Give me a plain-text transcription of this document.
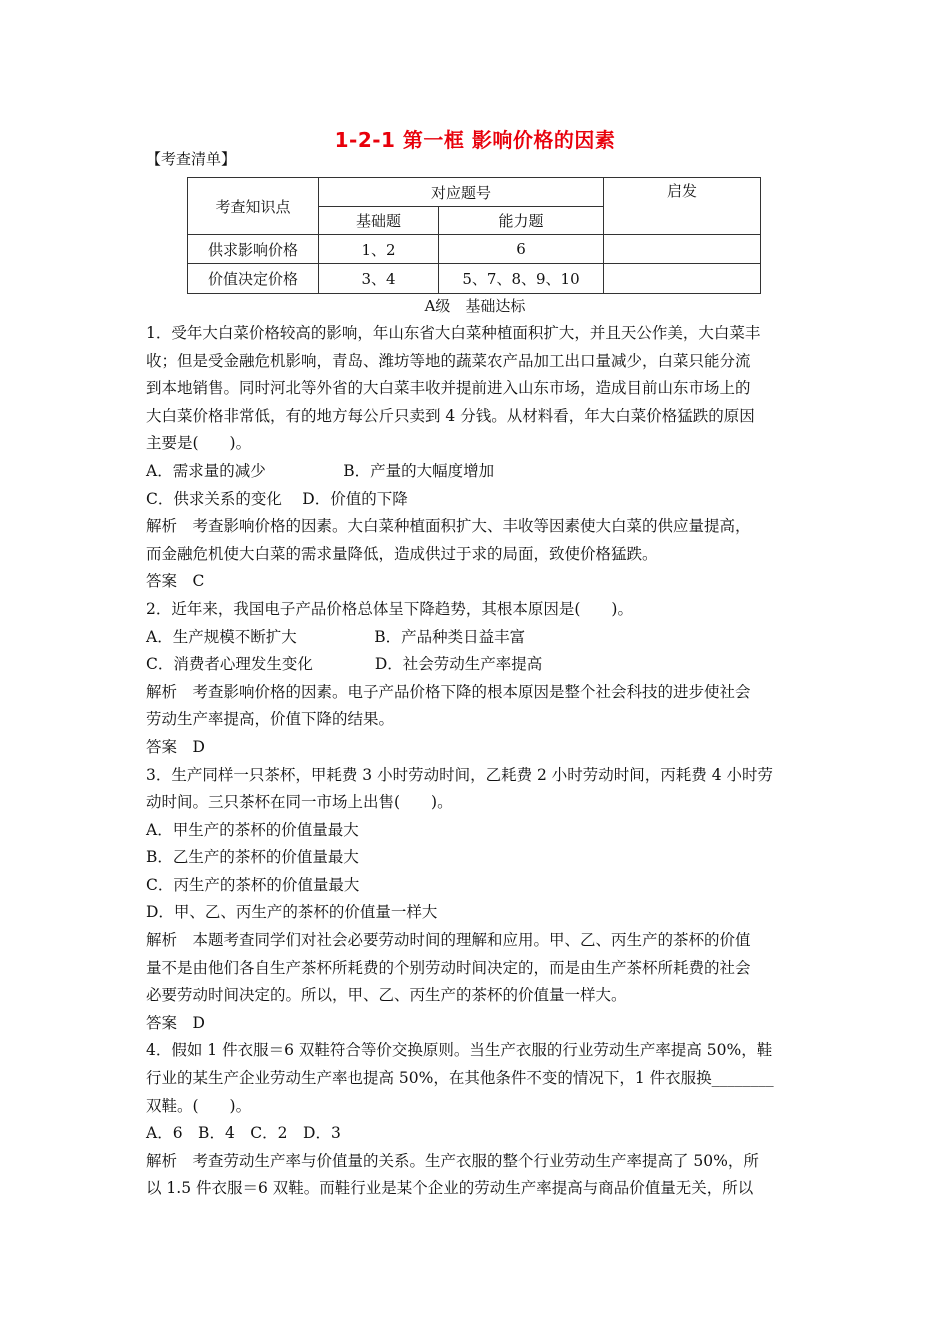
1-2-1 第一框 影响价格的因素
【考查清单】
考查知识点	对应题号		启发
	基础题	能力题	
供求影响价格	1、2	6	
价值决定价格	3、4	5、7、8、9、10	
A级　基础达标
1．受年大白菜价格较高的影响，年山东省大白菜种植面积扩大，并且天公作美，大白菜丰
收；但是受金融危机影响，青岛、潍坊等地的蔬菜农产品加工出口量减少，白菜只能分流
到本地销售。同时河北等外省的大白菜丰收并提前进入山东市场，造成目前山东市场上的
大白菜价格非常低，有的地方每公斤只卖到 4 分钱。从材料看，年大白菜价格猛跌的原因
主要是(　　)。
A．需求量的减少　　　　　B．产量的大幅度增加
C．供求关系的变化　 D．价值的下降
解析　考查影响价格的因素。大白菜种植面积扩大、丰收等因素使大白菜的供应量提高，
而金融危机使大白菜的需求量降低，造成供过于求的局面，致使价格猛跌。
答案　C
2．近年来，我国电子产品价格总体呈下降趋势，其根本原因是(　　)。
A．生产规模不断扩大　　　　　B．产品种类日益丰富
C．消费者心理发生变化　　　　D．社会劳动生产率提高
解析　考查影响价格的因素。电子产品价格下降的根本原因是整个社会科技的进步使社会
劳动生产率提高，价值下降的结果。
答案　D
3．生产同样一只茶杯，甲耗费 3 小时劳动时间，乙耗费 2 小时劳动时间，丙耗费 4 小时劳
动时间。三只茶杯在同一市场上出售(　　)。
A．甲生产的茶杯的价值量最大
B．乙生产的茶杯的价值量最大
C．丙生产的茶杯的价值量最大
D．甲、乙、丙生产的茶杯的价值量一样大
解析　本题考查同学们对社会必要劳动时间的理解和应用。甲、乙、丙生产的茶杯的价值
量不是由他们各自生产茶杯所耗费的个别劳动时间决定的，而是由生产茶杯所耗费的社会
必要劳动时间决定的。所以，甲、乙、丙生产的茶杯的价值量一样大。
答案　D
4．假如 1 件衣服＝6 双鞋符合等价交换原则。当生产衣服的行业劳动生产率提高 50%，鞋
行业的某生产企业劳动生产率也提高 50%，在其他条件不变的情况下，1 件衣服换________
双鞋。(　　)。
A．6　B．4　C．2　D．3
解析　考查劳动生产率与价值量的关系。生产衣服的整个行业劳动生产率提高了 50%，所
以 1.5 件衣服＝6 双鞋。而鞋行业是某个企业的劳动生产率提高与商品价值量无关，所以
